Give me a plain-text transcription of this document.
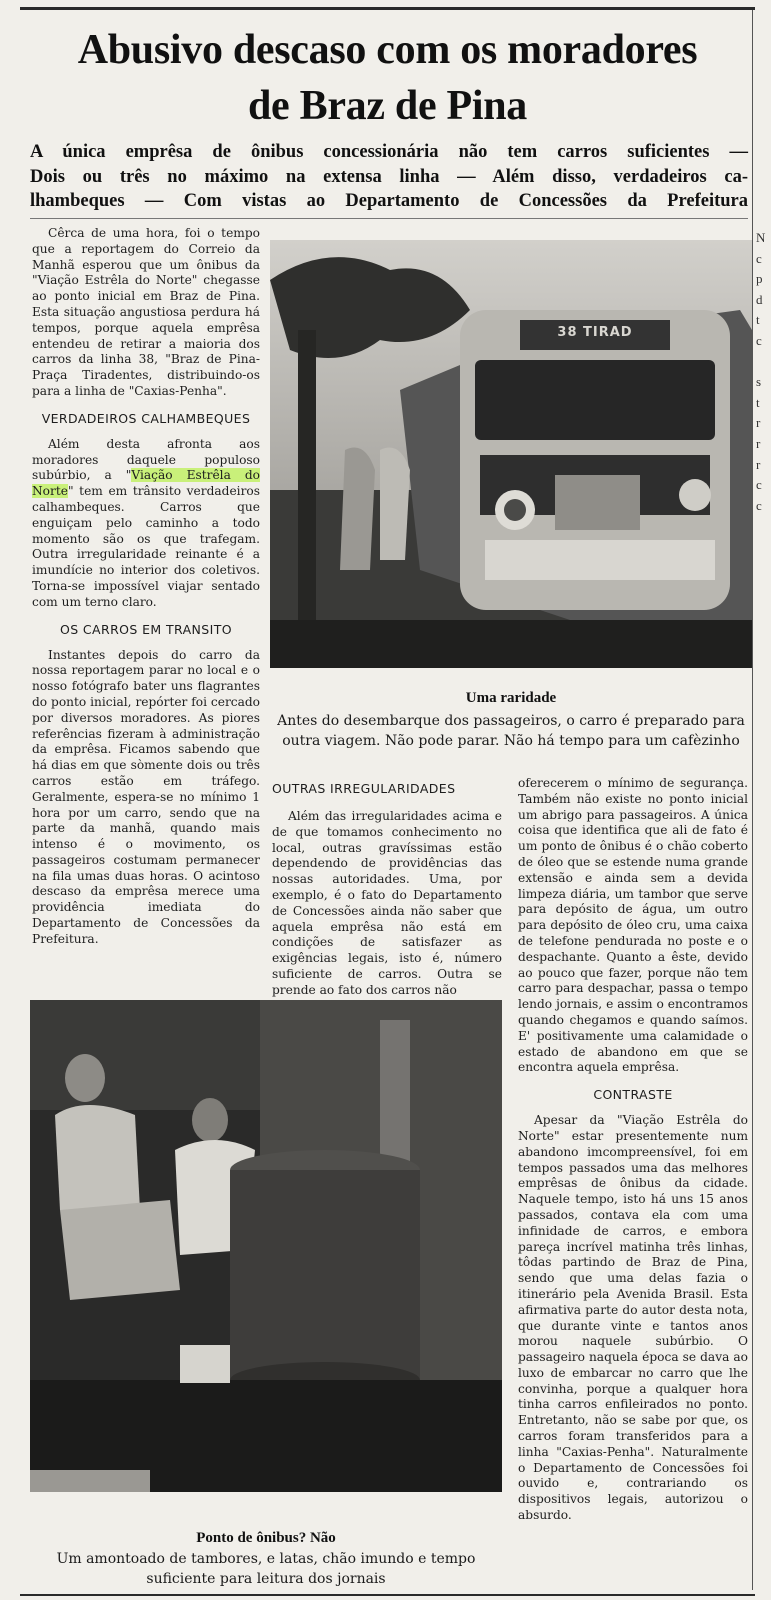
Abusivo descaso com os moradores
de Braz de Pina
A única emprêsa de ônibus concessionária não tem carros suficientes —
Dois ou três no máximo na extensa linha — Além disso, verdadeiros ca-
lhambeques — Com vistas ao Departamento de Concessões da Prefeitura

Cêrca de uma hora, foi o tempo que a reportagem do Correio da Manhã esperou que um ônibus da "Viação Estrêla do Norte" chegasse ao ponto inicial em Braz de Pina. Esta situação angustiosa perdura há tempos, porque aquela emprêsa entendeu de retirar a maioria dos carros da linha 38, "Braz de Pina-Praça Tiradentes, distribuindo-os para a linha de "Caxias-Penha".

VERDADEIROS CALHAMBEQUES

Além desta afronta aos moradores daquele populoso subúrbio, a "Viação Estrêla do Norte" tem em trânsito verdadeiros calhambeques. Carros que enguiçam pelo caminho a todo momento são os que trafegam. Outra irregularidade reinante é a imundície no interior dos coletivos. Torna-se impossível viajar sentado com um terno claro.

OS CARROS EM TRANSITO

Instantes depois do carro da nossa reportagem parar no local e o nosso fotógrafo bater uns flagrantes do ponto inicial, repórter foi cercado por diversos moradores. As piores referências fizeram à administração da emprêsa. Ficamos sabendo que há dias em que sòmente dois ou três carros estão em tráfego. Geralmente, espera-se no mínimo 1 hora por um carro, sendo que na parte da manhã, quando mais intenso é o movimento, os passageiros costumam permanecer na fila umas duas horas. O acintoso descaso da emprêsa merece uma providência imediata do Departamento de Concessões da Prefeitura.

38 TIRAD
Uma raridade
Antes do desembarque dos passageiros, o carro é preparado para outra viagem. Não pode parar. Não há tempo para um cafèzinho
OUTRAS IRREGULARIDADES

Além das irregularidades acima e de que tomamos conhecimento no local, outras gravíssimas estão dependendo de providências das nossas autoridades. Uma, por exemplo, é o fato do Departamento de Concessões ainda não saber que aquela emprêsa não está em condições de satisfazer as exigências legais, isto é, número suficiente de carros. Outra se prende ao fato dos carros não

Ponto de ônibus? Não
Um amontoado de tambores, e latas, chão imundo e tempo suficiente para leitura dos jornais

oferecerem o mínimo de segurança. Também não existe no ponto inicial um abrigo para passageiros. A única coisa que identifica que ali de fato é um ponto de ônibus é o chão coberto de óleo que se estende numa grande extensão e ainda sem a devida limpeza diária, um tambor que serve para depósito de água, um outro para depósito de óleo cru, uma caixa de telefone pendurada no poste e o despachante. Quanto a êste, devido ao pouco que fazer, porque não tem carro para despachar, passa o tempo lendo jornais, e assim o encontramos quando chegamos e quando saímos. E' positivamente uma calamidade o estado de abandono em que se encontra aquela emprêsa.

CONTRASTE

Apesar da "Viação Estrêla do Norte" estar presentemente num abandono imcompreensível, foi em tempos passados uma das melhores emprêsas de ônibus da cidade. Naquele tempo, isto há uns 15 anos passados, contava ela com uma infinidade de carros, e embora pareça incrível matinha três linhas, tôdas partindo de Braz de Pina, sendo que uma delas fazia o itinerário pela Avenida Brasil. Esta afirmativa parte do autor desta nota, que durante vinte e tantos anos morou naquele subúrbio. O passageiro naquela época se dava ao luxo de embarcar no carro que lhe convinha, porque a qualquer hora tinha carros enfileirados no ponto. Entretanto, não se sabe por que, os carros foram transferidos para a linha "Caxias-Penha". Naturalmente o Departamento de Concessões foi ouvido e, contrariando os dispositivos legais, autorizou o absurdo.

N
c
p
d
t
c

s
t
r
r
r
c
c
